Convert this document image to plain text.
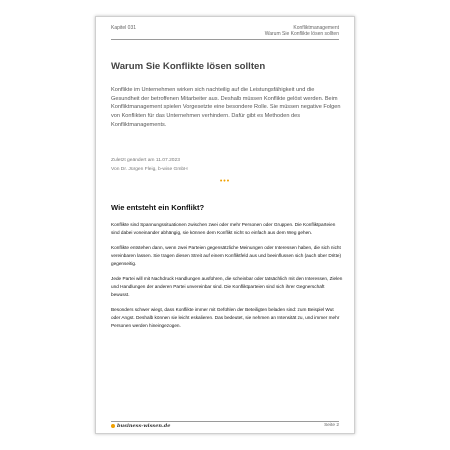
Kapitel 031	Konfliktmanagement
Warum Sie Konflikte lösen sollten
Warum Sie Konflikte lösen sollten
Konflikte im Unternehmen wirken sich nachteilig auf die Leistungsfähigkeit und die Gesundheit der betroffenen Mitarbeiter aus. Deshalb müssen Konflikte gelöst werden. Beim Konfliktmanagement spielen Vorgesetzte eine besondere Rolle. Sie müssen negative Folgen von Konflikten für das Unternehmen verhindern. Dafür gibt es Methoden des Konfliktmanagements.
Zuletzt geändert am 11.07.2023
Von Dr. Jürgen Fleig, b-wise GmbH
•••
Wie entsteht ein Konflikt?

Konflikte sind Spannungssituationen zwischen zwei oder mehr Personen oder Gruppen. Die Konfliktparteien sind dabei voneinander abhängig, sie können dem Konflikt nicht so einfach aus dem Weg gehen.

Konflikte entstehen dann, wenn zwei Parteien gegensätzliche Meinungen oder Interessen haben, die sich nicht vereinbaren lassen. Sie tragen diesen Streit auf einem Konfliktfeld aus und beeinflussen sich (auch über Dritte) gegenseitig.

Jede Partei will mit Nachdruck Handlungen ausführen, die scheinbar oder tatsächlich mit den Interessen, Zielen und Handlungen der anderen Partei unvereinbar sind. Die Konfliktparteien sind sich ihrer Gegnerschaft bewusst.

Besonders schwer wiegt, dass Konflikte immer mit Gefühlen der Beteiligten beladen sind: zum Beispiel Wut oder Angst. Deshalb können sie leicht eskalieren. Das bedeutet, sie nehmen an Intensität zu, und immer mehr Personen werden hineingezogen.

business-wissen.de	Seite 2
